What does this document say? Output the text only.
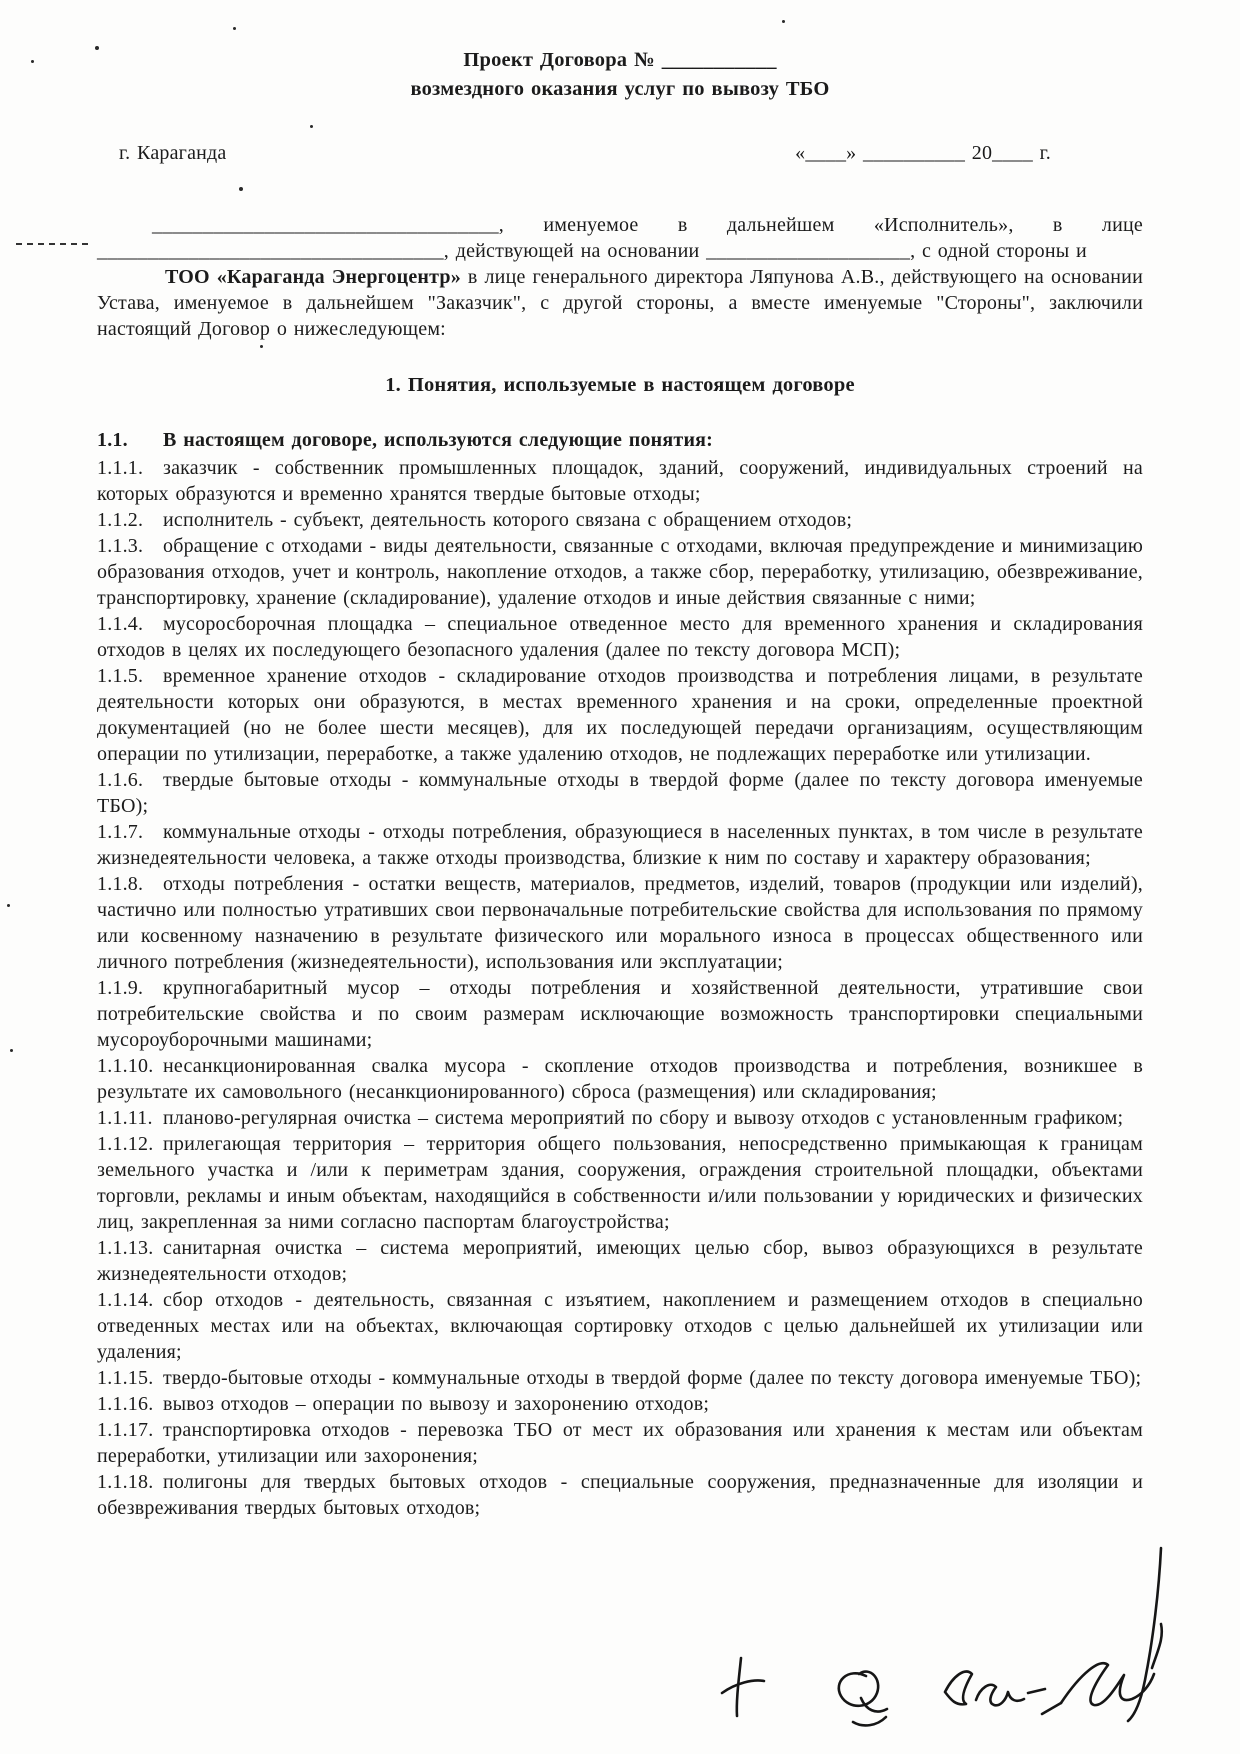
Проект Договора № ___________
возмездного оказания услуг по вывозу ТБО
г. Караганда	«____» __________ 20____ г.

__________________________________, именуемое в дальнейшем «Исполнитель», в лице __________________________________, действующей на основании ____________________, с одной стороны и

ТОО «Караганда Энергоцентр» в лице генерального директора Ляпунова А.В., действующего на основании Устава, именуемое в дальнейшем "Заказчик", с другой стороны, а вместе именуемые "Стороны", заключили настоящий Договор о нижеследующем:

1. Понятия, используемые в настоящем договоре

1.1. В настоящем договоре, используются следующие понятия:

1.1.1. заказчик - собственник промышленных площадок, зданий, сооружений, индивидуальных строений на которых образуются и временно хранятся твердые бытовые отходы;

1.1.2. исполнитель - субъект, деятельность которого связана с обращением отходов;

1.1.3. обращение с отходами - виды деятельности, связанные с отходами, включая предупреждение и минимизацию образования отходов, учет и контроль, накопление отходов, а также сбор, переработку, утилизацию, обезвреживание, транспортировку, хранение (складирование), удаление отходов и иные действия связанные с ними;

1.1.4. мусоросборочная площадка – специальное отведенное место для временного хранения и складирования отходов в целях их последующего безопасного удаления (далее по тексту договора МСП);

1.1.5. временное хранение отходов - складирование отходов производства и потребления лицами, в результате деятельности которых они образуются, в местах временного хранения и на сроки, определенные проектной документацией (но не более шести месяцев), для их последующей передачи организациям, осуществляющим операции по утилизации, переработке, а также удалению отходов, не подлежащих переработке или утилизации.

1.1.6. твердые бытовые отходы - коммунальные отходы в твердой форме (далее по тексту договора именуемые ТБО);

1.1.7. коммунальные отходы - отходы потребления, образующиеся в населенных пунктах, в том числе в результате жизнедеятельности человека, а также отходы производства, близкие к ним по составу и характеру образования;

1.1.8. отходы потребления - остатки веществ, материалов, предметов, изделий, товаров (продукции или изделий), частично или полностью утративших свои первоначальные потребительские свойства для использования по прямому или косвенному назначению в результате физического или морального износа в процессах общественного или личного потребления (жизнедеятельности), использования или эксплуатации;

1.1.9. крупногабаритный мусор – отходы потребления и хозяйственной деятельности, утратившие свои потребительские свойства и по своим размерам исключающие возможность транспортировки специальными мусороуборочными машинами;

1.1.10. несанкционированная свалка мусора - скопление отходов производства и потребления, возникшее в результате их самовольного (несанкционированного) сброса (размещения) или складирования;

1.1.11. планово-регулярная очистка – система мероприятий по сбору и вывозу отходов с установленным графиком;

1.1.12. прилегающая территория – территория общего пользования, непосредственно примыкающая к границам земельного участка и /или к периметрам здания, сооружения, ограждения строительной площадки, объектами торговли, рекламы и иным объектам, находящийся в собственности и/или пользовании у юридических и физических лиц, закрепленная за ними согласно паспортам благоустройства;

1.1.13. санитарная очистка – система мероприятий, имеющих целью сбор, вывоз образующихся в результате жизнедеятельности отходов;

1.1.14. сбор отходов - деятельность, связанная с изъятием, накоплением и размещением отходов в специально отведенных местах или на объектах, включающая сортировку отходов с целью дальнейшей их утилизации или удаления;

1.1.15. твердо-бытовые отходы - коммунальные отходы в твердой форме (далее по тексту договора именуемые ТБО);

1.1.16. вывоз отходов – операции по вывозу и захоронению отходов;

1.1.17. транспортировка отходов - перевозка ТБО от мест их образования или хранения к местам или объектам переработки, утилизации или захоронения;

1.1.18. полигоны для твердых бытовых отходов - специальные сооружения, предназначенные для изоляции и обезвреживания твердых бытовых отходов;
